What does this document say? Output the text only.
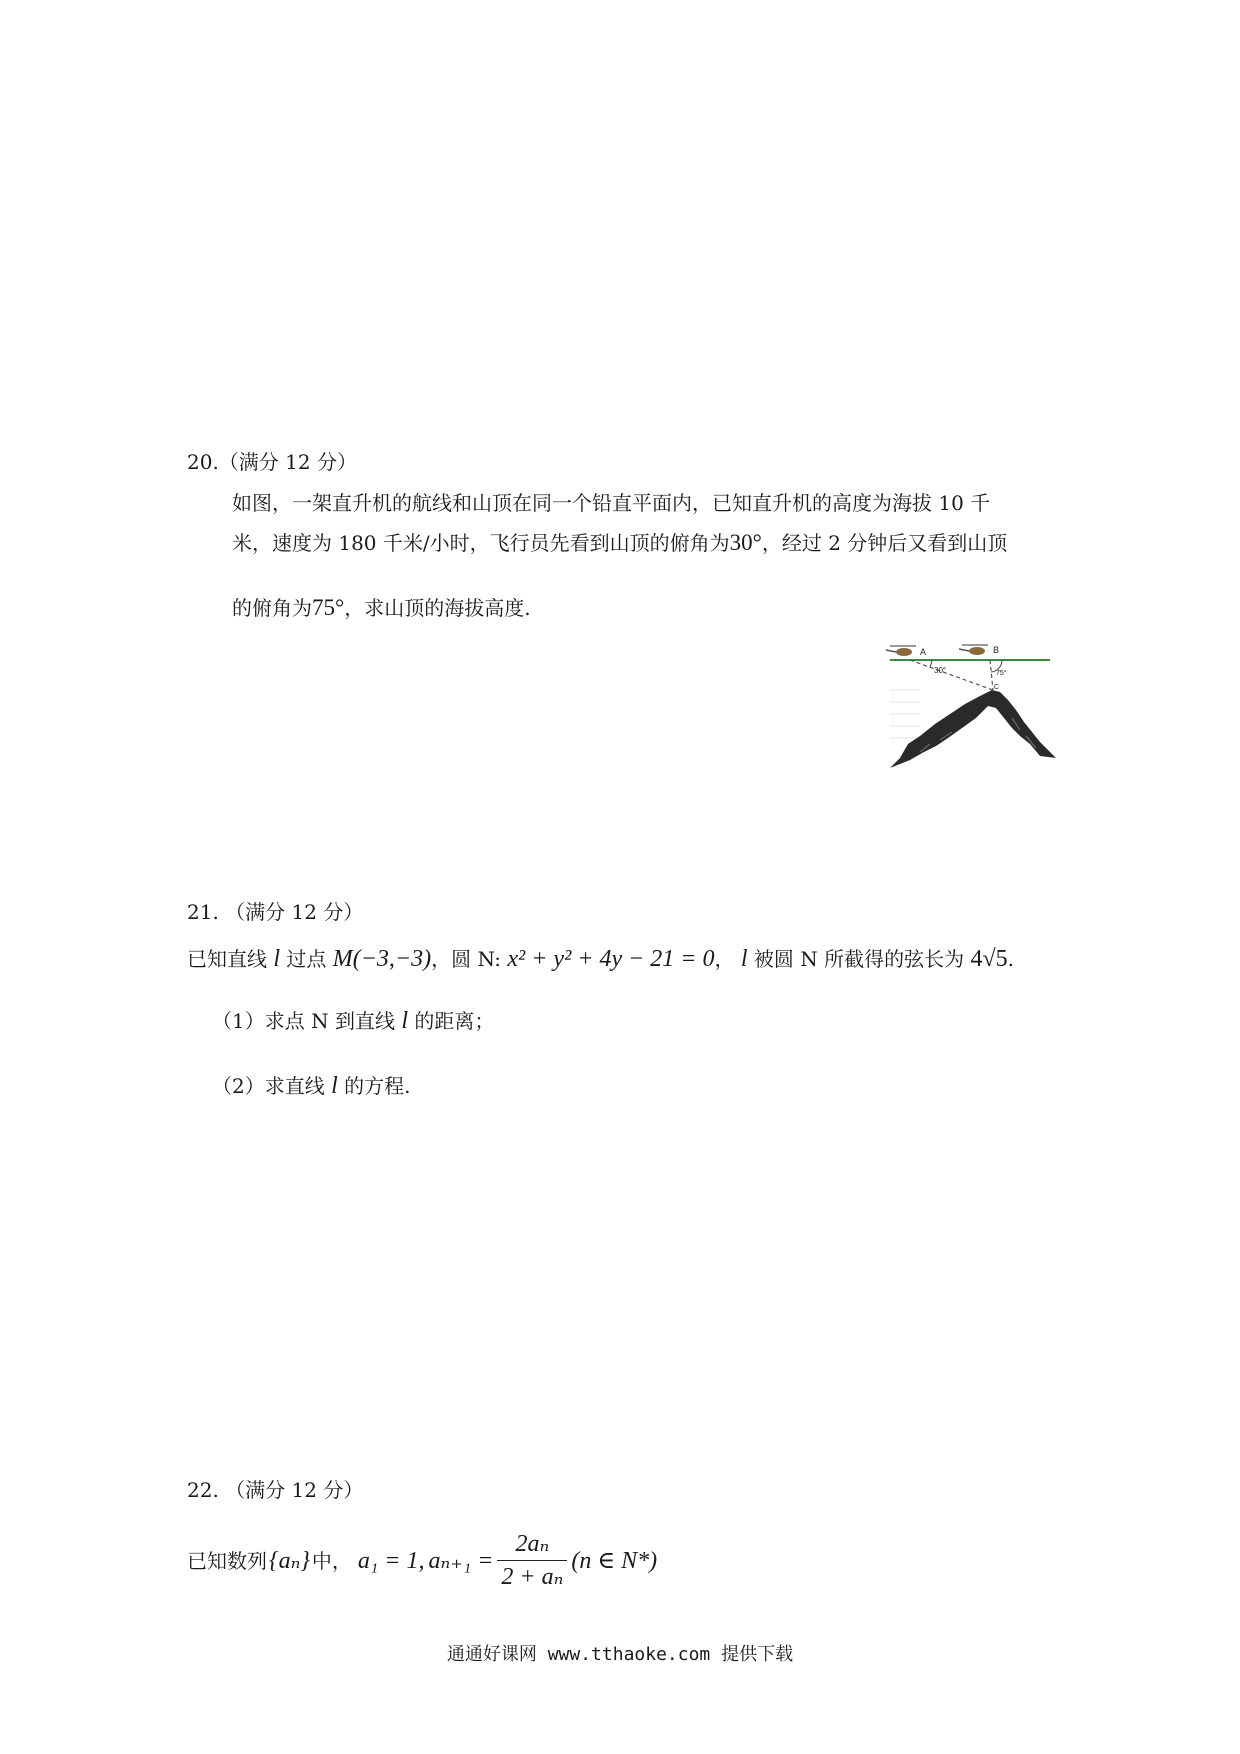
20.（满分 12 分）
如图，一架直升机的航线和山顶在同一个铅直平面内，已知直升机的高度为海拔 10 千
米，速度为 180 千米/小时，飞行员先看到山顶的俯角为30°，经过 2 分钟后又看到山顶
的俯角为75°，求山顶的海拔高度.
A	B
30°	75°
C
21. （满分 12 分）
已知直线 l 过点 M(−3,−3)，圆 N: x² + y² + 4y − 21 = 0， l 被圆 N 所截得的弦长为 4√5.
（1）求点 N 到直线 l 的距离；
（2）求直线 l 的方程.
22. （满分 12 分）
已知数列 {aₙ} 中， a₁ = 1, $a_{n+1} = \frac{\text{2aₙ}}{\text{2 + aₙ}} (n$ ∈ N*)
通通好课网 www.tthaoke.com 提供下载
